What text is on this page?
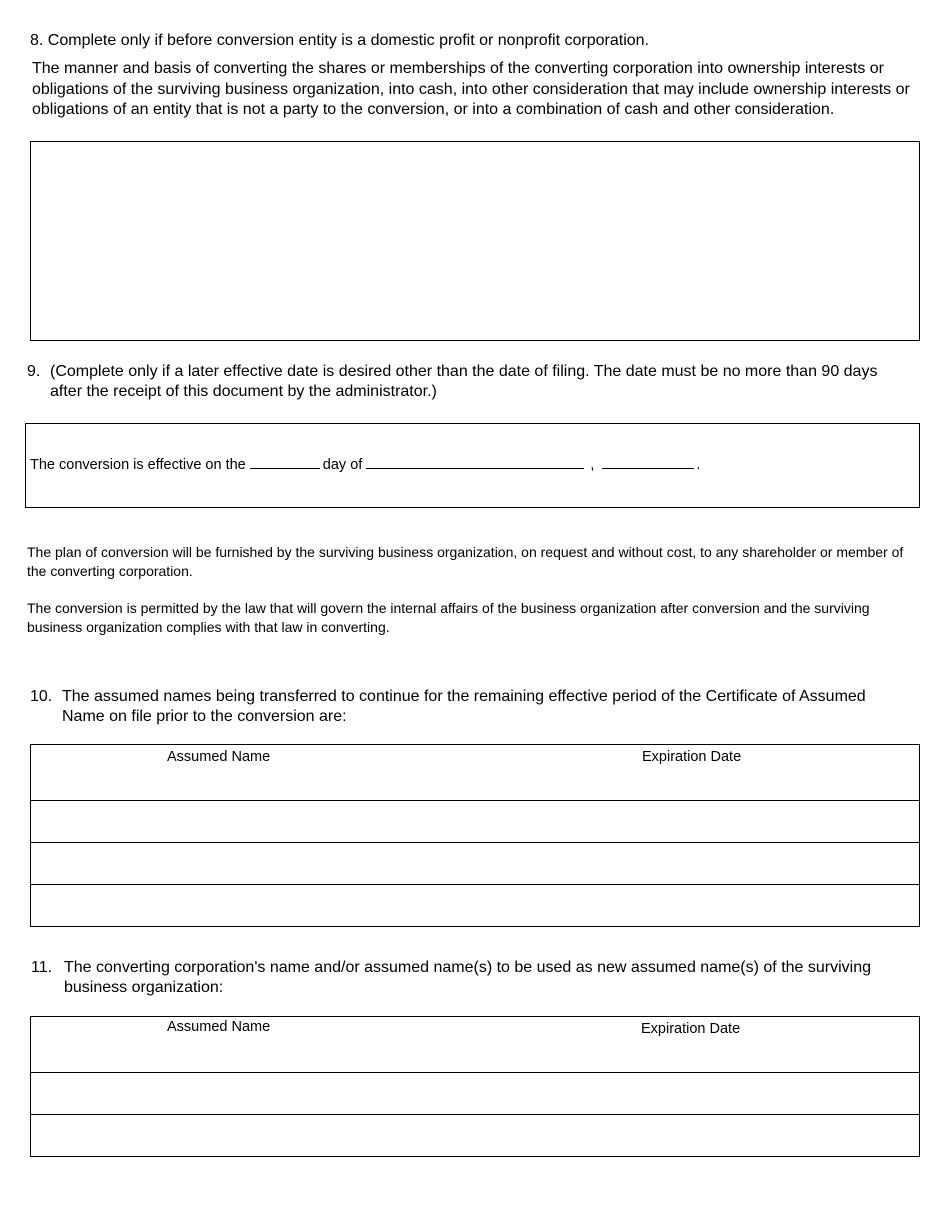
8. Complete only if before conversion entity is a domestic profit or nonprofit corporation.
The manner and basis of converting the shares or memberships of the converting corporation into ownership interests or obligations of the surviving business organization, into cash, into other consideration that may include ownership interests or obligations of an entity that is not a party to the conversion, or into a combination of cash and other consideration.
9. (Complete only if a later effective date is desired other than the date of filing. The date must be no more than 90 days after the receipt of this document by the administrator.)
The conversion is effective on the	day of	,	.
The plan of conversion will be furnished by the surviving business organization, on request and without cost, to any shareholder or member of the converting corporation.
The conversion is permitted by the law that will govern the internal affairs of the business organization after conversion and the surviving business organization complies with that law in converting.
10. The assumed names being transferred to continue for the remaining effective period of the Certificate of Assumed Name on file prior to the conversion are:
Assumed Name	Expiration Date
11. The converting corporation's name and/or assumed name(s) to be used as new assumed name(s) of the surviving business organization:
Assumed Name	Expiration Date
